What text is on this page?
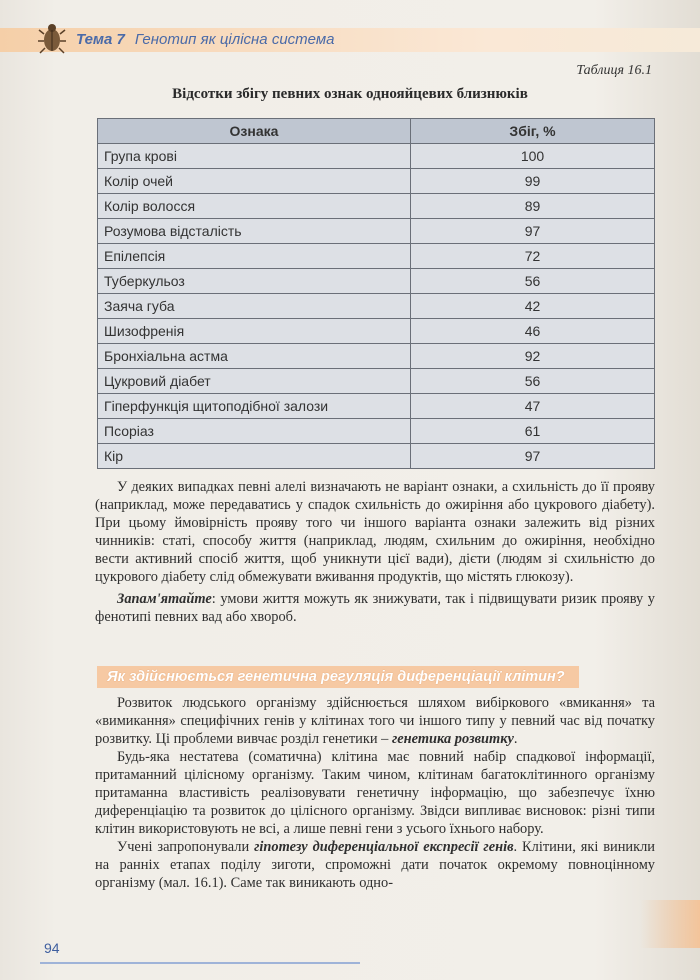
Тема 7 Генотип як цілісна система
Таблиця 16.1
Відсотки збігу певних ознак однояйцевих близнюків
Ознака	Збіг, %
Група крові	100
Колір очей	99
Колір волосся	89
Розумова відсталість	97
Епілепсія	72
Туберкульоз	56
Заяча губа	42
Шизофренія	46
Бронхіальна астма	92
Цукровий діабет	56
Гіперфункція щитоподібної залози	47
Псоріаз	61
Кір	97

У деяких випадках певні алелі визначають не варіант ознаки, а схильність до її прояву (наприклад, може передаватись у спадок схильність до ожиріння або цукрового діабету). При цьому ймовірність прояву того чи іншого варіанта ознаки залежить від різних чинників: статі, способу життя (наприклад, людям, схильним до ожиріння, необхідно вести активний спосіб життя, щоб уникнути цієї вади), дієти (людям зі схильністю до цукрового діабету слід обмежувати вживання продуктів, що містять глюкозу).

Запам'ятайте: умови життя можуть як знижувати, так і підвищувати ризик прояву у фенотипі певних вад або хвороб.

Як здійснюється генетична регуляція диференціації клітин?

Розвиток людського організму здійснюється шляхом вибіркового «вмикання» та «вимикання» специфічних генів у клітинах того чи іншого типу у певний час від початку розвитку. Ці проблеми вивчає розділ генетики – генетика розвитку.

Будь-яка нестатева (соматична) клітина має повний набір спадкової інформації, притаманний цілісному організму. Таким чином, клітинам багатоклітинного організму притаманна властивість реалізовувати генетичну інформацію, що забезпечує їхню диференціацію та розвиток до цілісного організму. Звідси випливає висновок: різні типи клітин використовують не всі, а лише певні гени з усього їхнього набору.

Учені запропонували гіпотезу диференціальної експресії генів. Клітини, які виникли на ранніх етапах поділу зиготи, спроможні дати початок окремому повноцінному організму (мал. 16.1). Саме так виникають одно-

94
